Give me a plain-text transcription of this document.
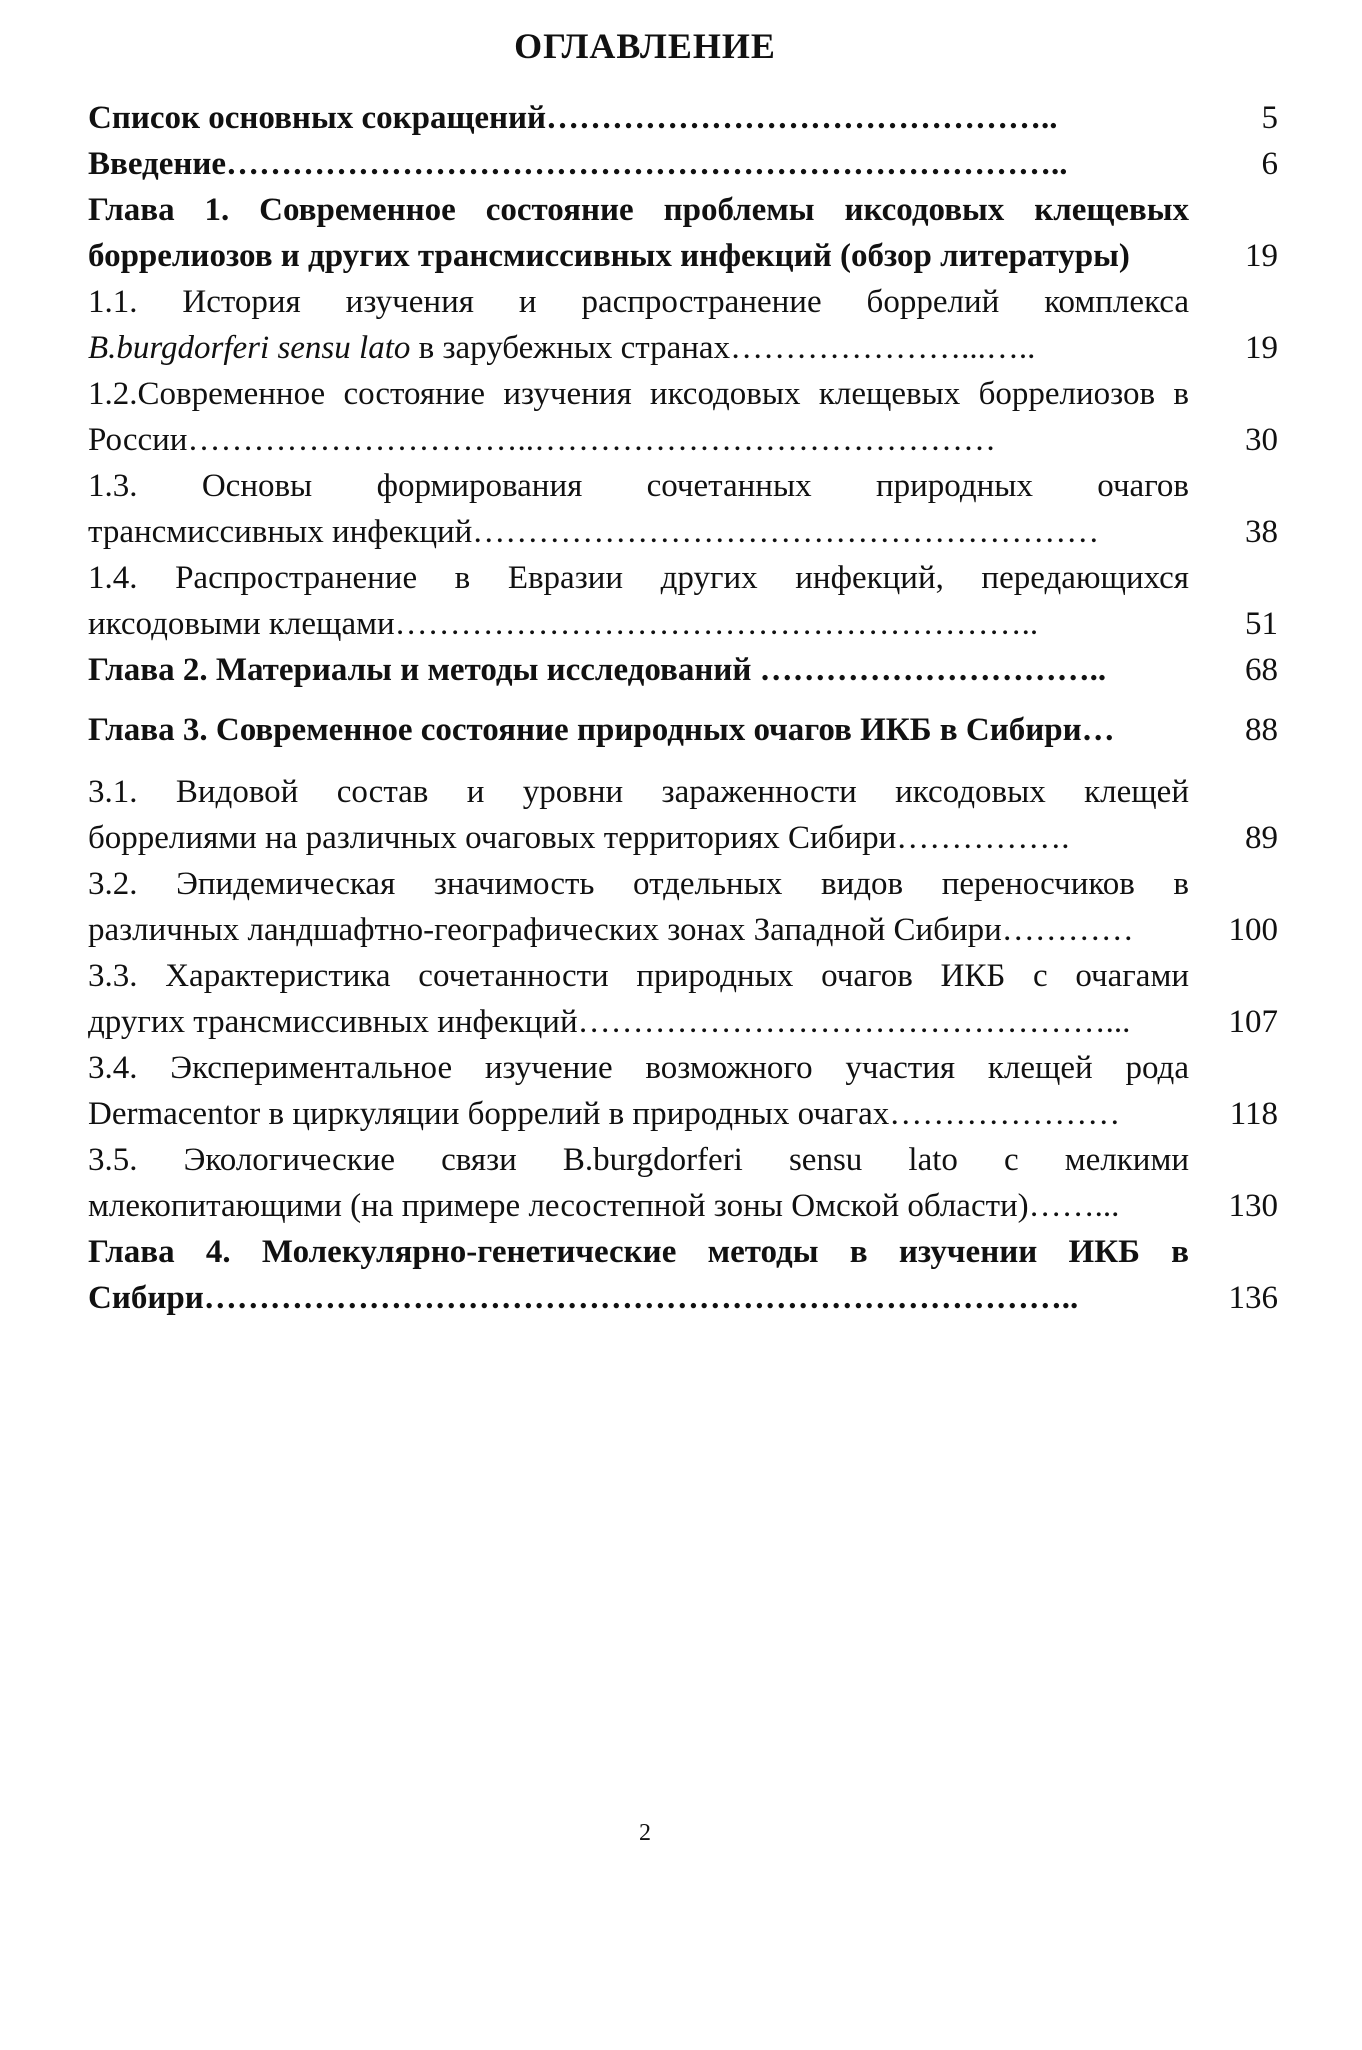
ОГЛАВЛЕНИЕ
Список основных сокращений………………………………………..	5
Введение…………………………………………………………………..	6
Глава 1. Современное состояние проблемы иксодовых клещевых
боррелиозов и других трансмиссивных инфекций (обзор литературы)	19
1.1. История изучения и распространение боррелий комплекса
B.burgdorferi sensu lato в зарубежных странах…………………...…..	19
1.2.Современное состояние изучения иксодовых клещевых боррелиозов в
России…………………………..……………………………………	30
1.3. Основы формирования сочетанных природных очагов
трансмиссивных инфекций…………………………………………………	38
1.4. Распространение в Евразии других инфекций, передающихся
иксодовыми клещами…………………………………………………..	51
Глава 2. Материалы и методы исследований …………………………..	68
Глава 3. Современное состояние природных очагов ИКБ в Сибири…	88
3.1. Видовой состав и уровни зараженности иксодовых клещей
боррелиями на различных очаговых территориях Сибири…………….	89
3.2. Эпидемическая значимость отдельных видов переносчиков в
различных ландшафтно-географических зонах Западной Сибири…………	100
3.3. Характеристика сочетанности природных очагов ИКБ с очагами
других трансмиссивных инфекций…………………………………………...	107
3.4. Экспериментальное изучение возможного участия клещей рода
Dermacentor в циркуляции боррелий в природных очагах…………………	118
3.5. Экологические связи B.burgdorferi sensu lato с мелкими
млекопитающими (на примере лесостепной зоны Омской области)……...	130
Глава 4. Молекулярно-генетические методы в изучении ИКБ в
Сибири……………………………………………………………………..	136
2
